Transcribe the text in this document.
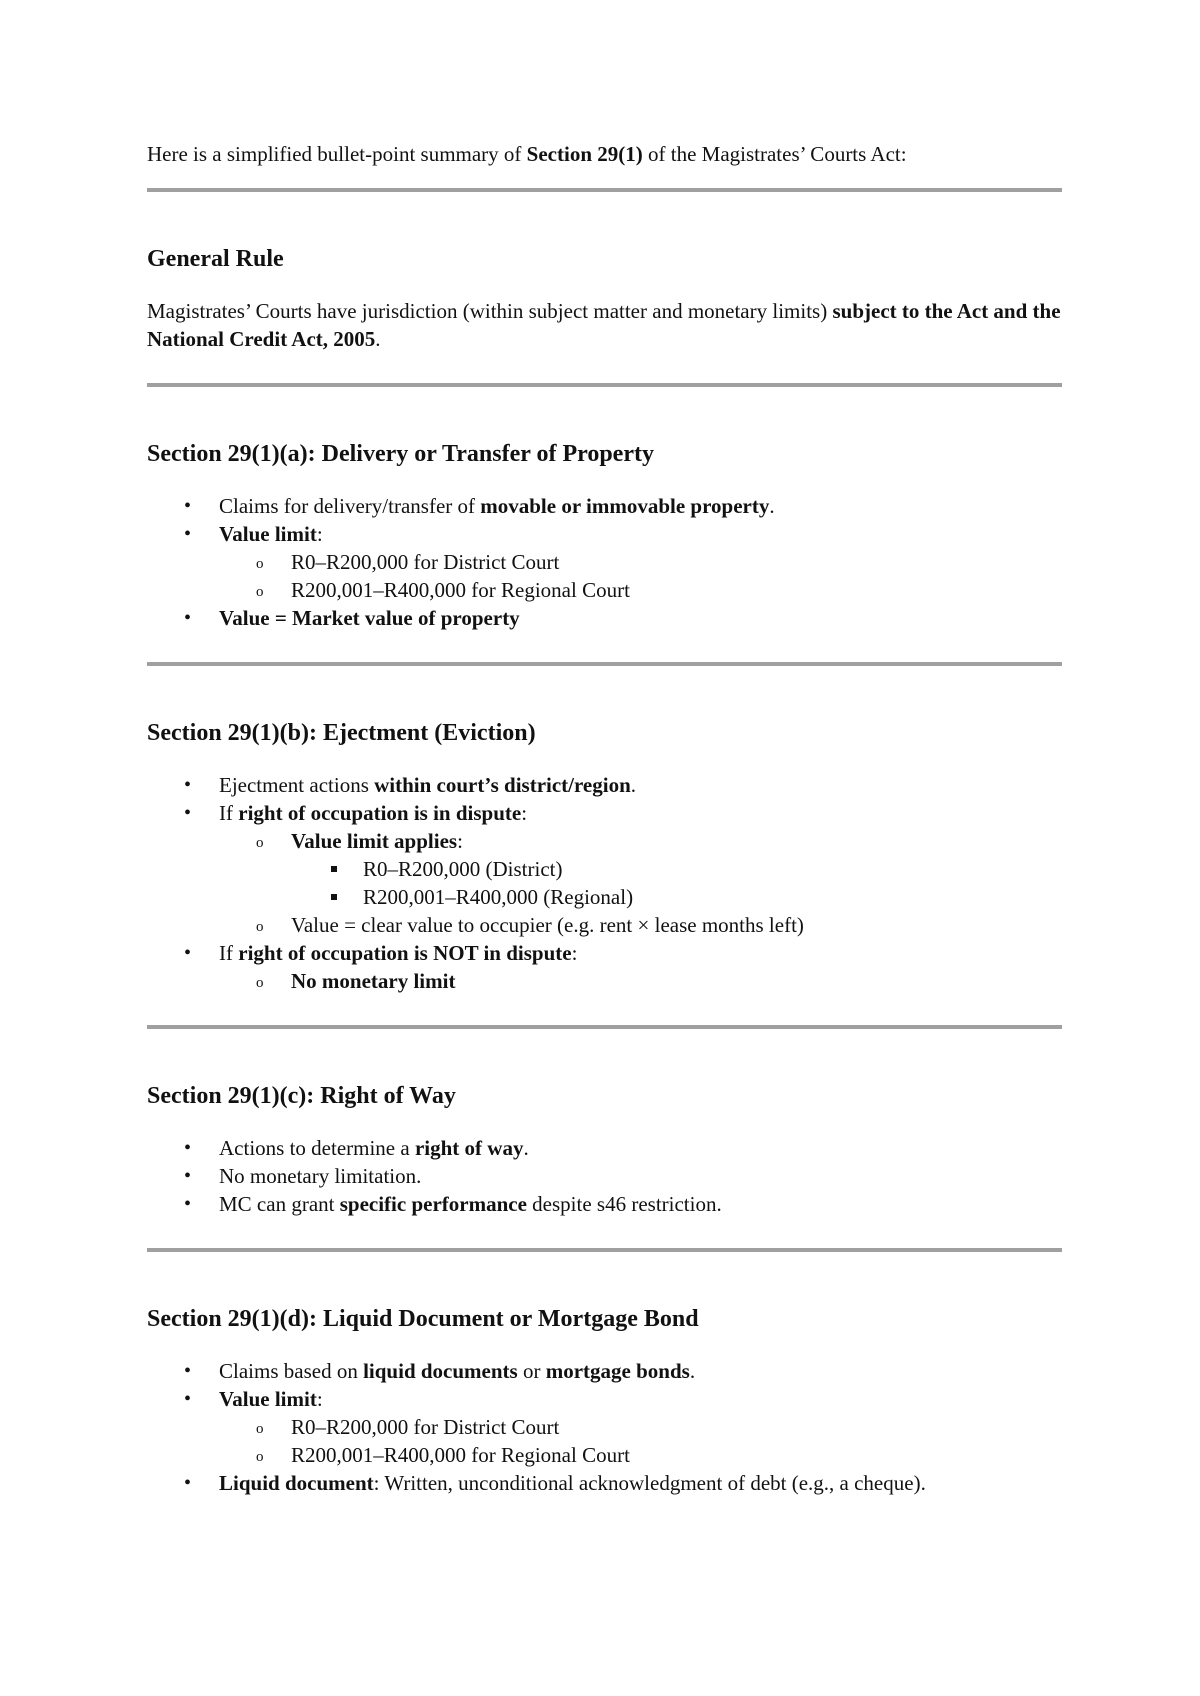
Here is a simplified bullet-point summary of Section 29(1) of the Magistrates’ Courts Act:

General Rule

Magistrates’ Courts have jurisdiction (within subject matter and monetary limits) subject to the Act and the National Credit Act, 2005.

Section 29(1)(a): Delivery or Transfer of Property
• Claims for delivery/transfer of movable or immovable property.
• Value limit:
o R0–R200,000 for District Court
o R200,001–R400,000 for Regional Court
• Value = Market value of property
Section 29(1)(b): Ejectment (Eviction)
• Ejectment actions within court’s district/region.
• If right of occupation is in dispute:
o Value limit applies:
R0–R200,000 (District)
R200,001–R400,000 (Regional)
o Value = clear value to occupier (e.g. rent × lease months left)
• If right of occupation is NOT in dispute:
o No monetary limit
Section 29(1)(c): Right of Way
• Actions to determine a right of way.
• No monetary limitation.
• MC can grant specific performance despite s46 restriction.
Section 29(1)(d): Liquid Document or Mortgage Bond
• Claims based on liquid documents or mortgage bonds.
• Value limit:
o R0–R200,000 for District Court
o R200,001–R400,000 for Regional Court
• Liquid document: Written, unconditional acknowledgment of debt (e.g., a cheque).
